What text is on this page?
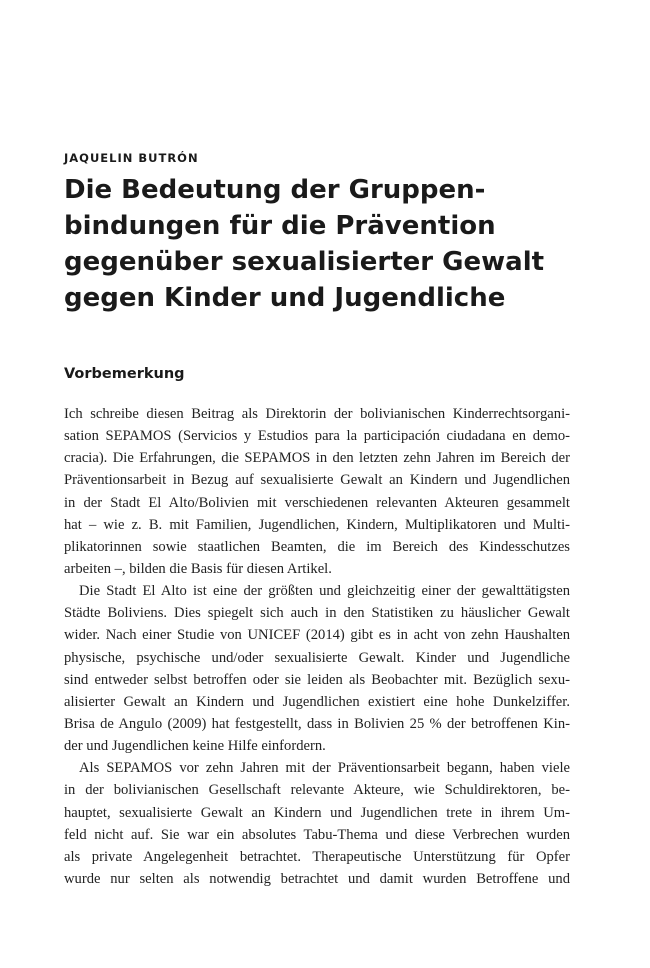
JAQUELIN BUTRÓN

Die Bedeutung der Gruppen-
bindungen für die Prävention
gegenüber sexualisierter Gewalt
gegen Kinder und Jugendliche
Vorbemerkung
Ich schreibe diesen Beitrag als Direktorin der bolivianischen Kinderrechtsorgani-
sation SEPAMOS (Servicios y Estudios para la participación ciudadana en demo-
cracia). Die Erfahrungen, die SEPAMOS in den letzten zehn Jahren im Bereich der
Präventionsarbeit in Bezug auf sexualisierte Gewalt an Kindern und Jugendlichen
in der Stadt El Alto/Bolivien mit verschiedenen relevanten Akteuren gesammelt
hat – wie z. B. mit Familien, Jugendlichen, Kindern, Multiplikatoren und Multi-
plikatorinnen sowie staatlichen Beamten, die im Bereich des Kindesschutzes
arbeiten –, bilden die Basis für diesen Artikel.
Die Stadt El Alto ist eine der größten und gleichzeitig einer der gewalttätigsten
Städte Boliviens. Dies spiegelt sich auch in den Statistiken zu häuslicher Gewalt
wider. Nach einer Studie von UNICEF (2014) gibt es in acht von zehn Haushalten
physische, psychische und/oder sexualisierte Gewalt. Kinder und Jugendliche
sind entweder selbst betroffen oder sie leiden als Beobachter mit. Bezüglich sexu-
alisierter Gewalt an Kindern und Jugendlichen existiert eine hohe Dunkelziffer.
Brisa de Angulo (2009) hat festgestellt, dass in Bolivien 25 % der betroffenen Kin-
der und Jugendlichen keine Hilfe einfordern.
Als SEPAMOS vor zehn Jahren mit der Präventionsarbeit begann, haben viele
in der bolivianischen Gesellschaft relevante Akteure, wie Schuldirektoren, be-
hauptet, sexualisierte Gewalt an Kindern und Jugendlichen trete in ihrem Um-
feld nicht auf. Sie war ein absolutes Tabu-Thema und diese Verbrechen wurden
als private Angelegenheit betrachtet. Therapeutische Unterstützung für Opfer
wurde nur selten als notwendig betrachtet und damit wurden Betroffene und
